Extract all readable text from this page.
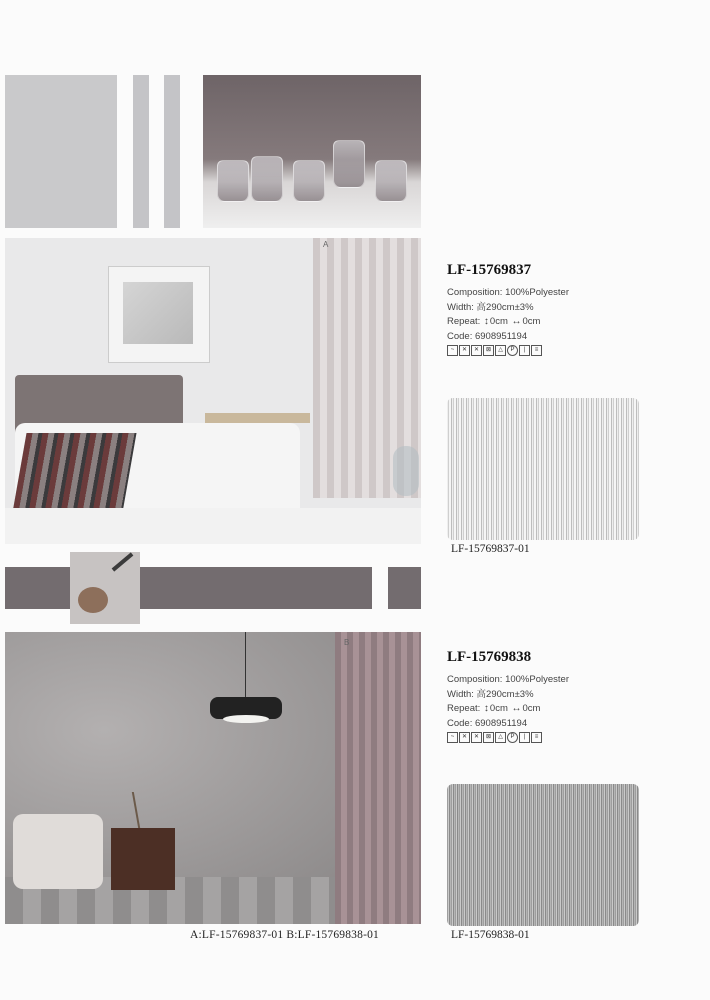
A
B
A:LF-15769837-01 B:LF-15769838-01
LF-15769837
Composition: 100%Polyester
Width: 高290cm±3%
Repeat: ↕0cm ↔0cm
Code: 6908951194
~	✕	✕	⊠	△	P	|	≡
LF-15769837-01
LF-15769838
Composition: 100%Polyester
Width: 高290cm±3%
Repeat: ↕0cm ↔0cm
Code: 6908951194
~	✕	✕	⊠	△	P	|	≡
LF-15769838-01
